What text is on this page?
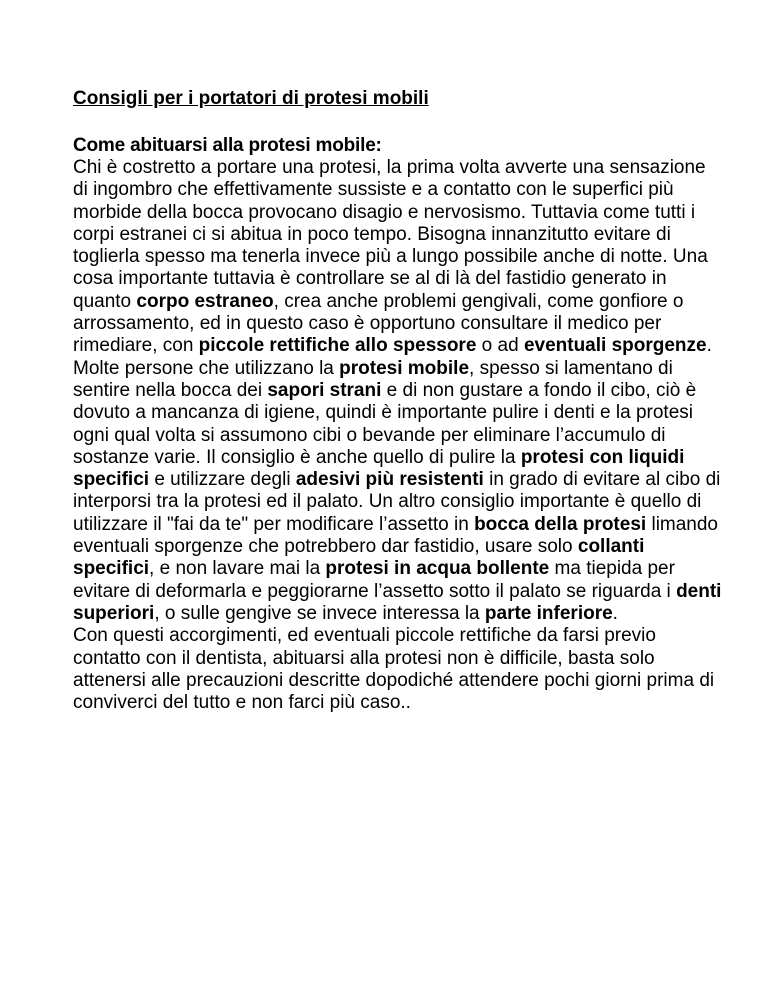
Consigli per i portatori di protesi mobili
Come abituarsi alla protesi mobile:

Chi è costretto a portare una protesi, la prima volta avverte una sensazione di ingombro che effettivamente sussiste e a contatto con le superfici più morbide della bocca provocano disagio e nervosismo. Tuttavia come tutti i corpi estranei ci si abitua in poco tempo. Bisogna innanzitutto evitare di toglierla spesso ma tenerla invece più a lungo possibile anche di notte. Una cosa importante tuttavia è controllare se al di là del fastidio generato in quanto corpo estraneo, crea anche problemi gengivali, come gonfiore o arrossamento, ed in questo caso è opportuno consultare il medico per rimediare, con piccole rettifiche allo spessore o ad eventuali sporgenze.

Molte persone che utilizzano la protesi mobile, spesso si lamentano di sentire nella bocca dei sapori strani e di non gustare a fondo il cibo, ciò è dovuto a mancanza di igiene, quindi è importante pulire i denti e la protesi ogni qual volta si assumono cibi o bevande per eliminare l’accumulo di sostanze varie. Il consiglio è anche quello di pulire la protesi con liquidi specifici e utilizzare degli adesivi più resistenti in grado di evitare al cibo di interporsi tra la protesi ed il palato. Un altro consiglio importante è quello di utilizzare il "fai da te" per modificare l’assetto in bocca della protesi limando eventuali sporgenze che potrebbero dar fastidio, usare solo collanti specifici, e non lavare mai la protesi in acqua bollente ma tiepida per evitare di deformarla e peggiorarne l’assetto sotto il palato se riguarda i denti superiori, o sulle gengive se invece interessa la parte inferiore.

Con questi accorgimenti, ed eventuali piccole rettifiche da farsi previo contatto con il dentista, abituarsi alla protesi non è difficile, basta solo attenersi alle precauzioni descritte dopodiché attendere pochi giorni prima di conviverci del tutto e non farci più caso..
